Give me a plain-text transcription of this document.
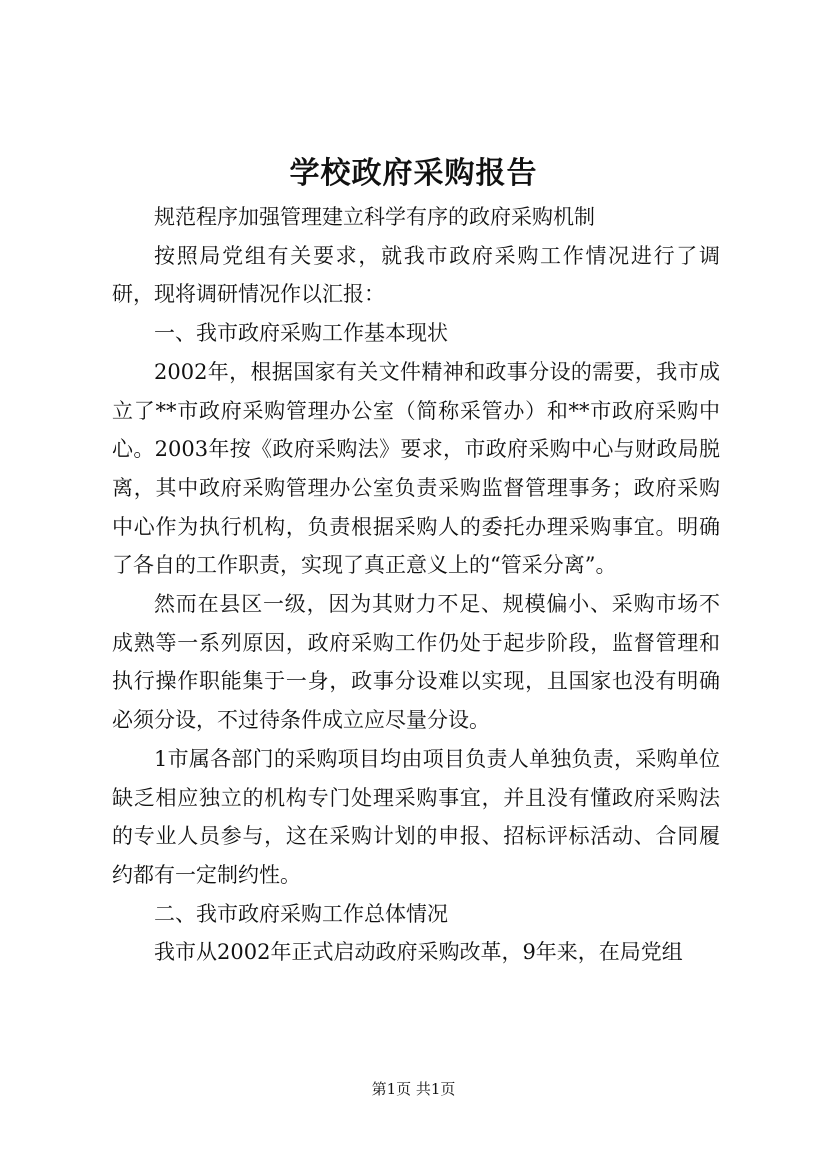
学校政府采购报告

规范程序加强管理建立科学有序的政府采购机制

按照局党组有关要求，就我市政府采购工作情况进行了调研，现将调研情况作以汇报：

一、我市政府采购工作基本现状

2002年，根据国家有关文件精神和政事分设的需要，我市成立了**市政府采购管理办公室（简称采管办）和**市政府采购中心。2003年按《政府采购法》要求，市政府采购中心与财政局脱离，其中政府采购管理办公室负责采购监督管理事务；政府采购中心作为执行机构，负责根据采购人的委托办理采购事宜。明确了各自的工作职责，实现了真正意义上的“管采分离”。

然而在县区一级，因为其财力不足、规模偏小、采购市场不成熟等一系列原因，政府采购工作仍处于起步阶段，监督管理和执行操作职能集于一身，政事分设难以实现，且国家也没有明确必须分设，不过待条件成立应尽量分设。

1市属各部门的采购项目均由项目负责人单独负责，采购单位缺乏相应独立的机构专门处理采购事宜，并且没有懂政府采购法的专业人员参与，这在采购计划的申报、招标评标活动、合同履约都有一定制约性。

二、我市政府采购工作总体情况

我市从2002年正式启动政府采购改革，9年来，在局党组

第1页 共1页
